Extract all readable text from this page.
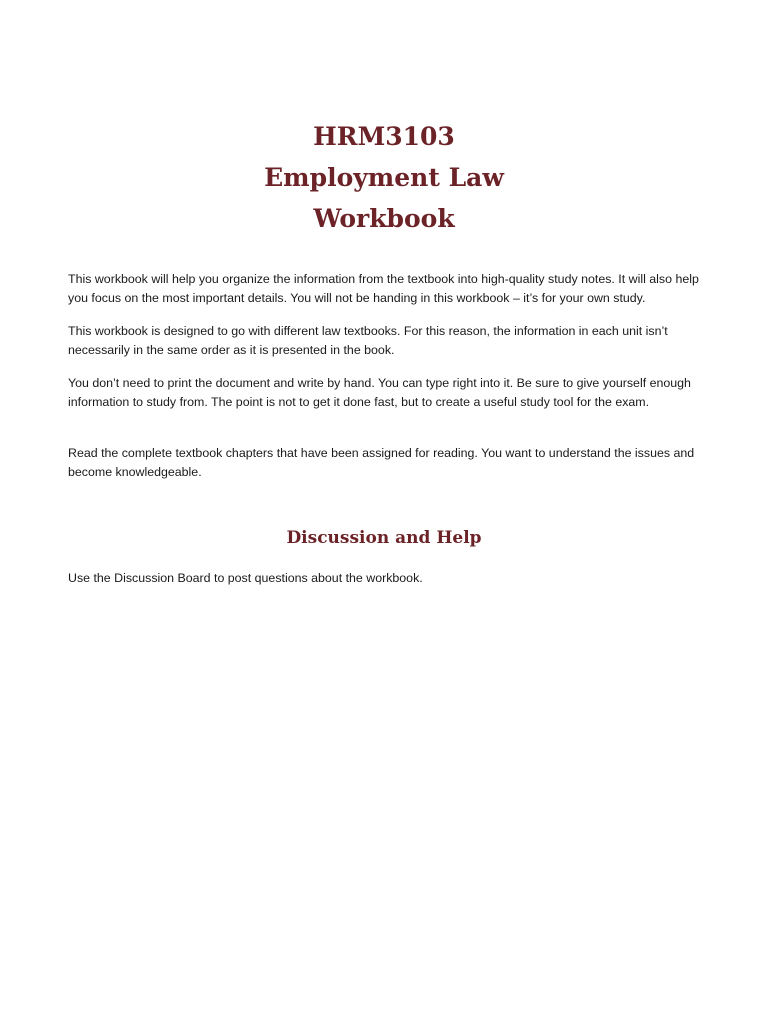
HRM3103
Employment Law
Workbook

This workbook will help you organize the information from the textbook into high-quality study notes. It will also help you focus on the most important details. You will not be handing in this workbook – it’s for your own study.

This workbook is designed to go with different law textbooks. For this reason, the information in each unit isn’t necessarily in the same order as it is presented in the book.

You don’t need to print the document and write by hand. You can type right into it. Be sure to give yourself enough information to study from. The point is not to get it done fast, but to create a useful study tool for the exam.

Read the complete textbook chapters that have been assigned for reading. You want to understand the issues and become knowledgeable.

Discussion and Help

Use the Discussion Board to post questions about the workbook.
